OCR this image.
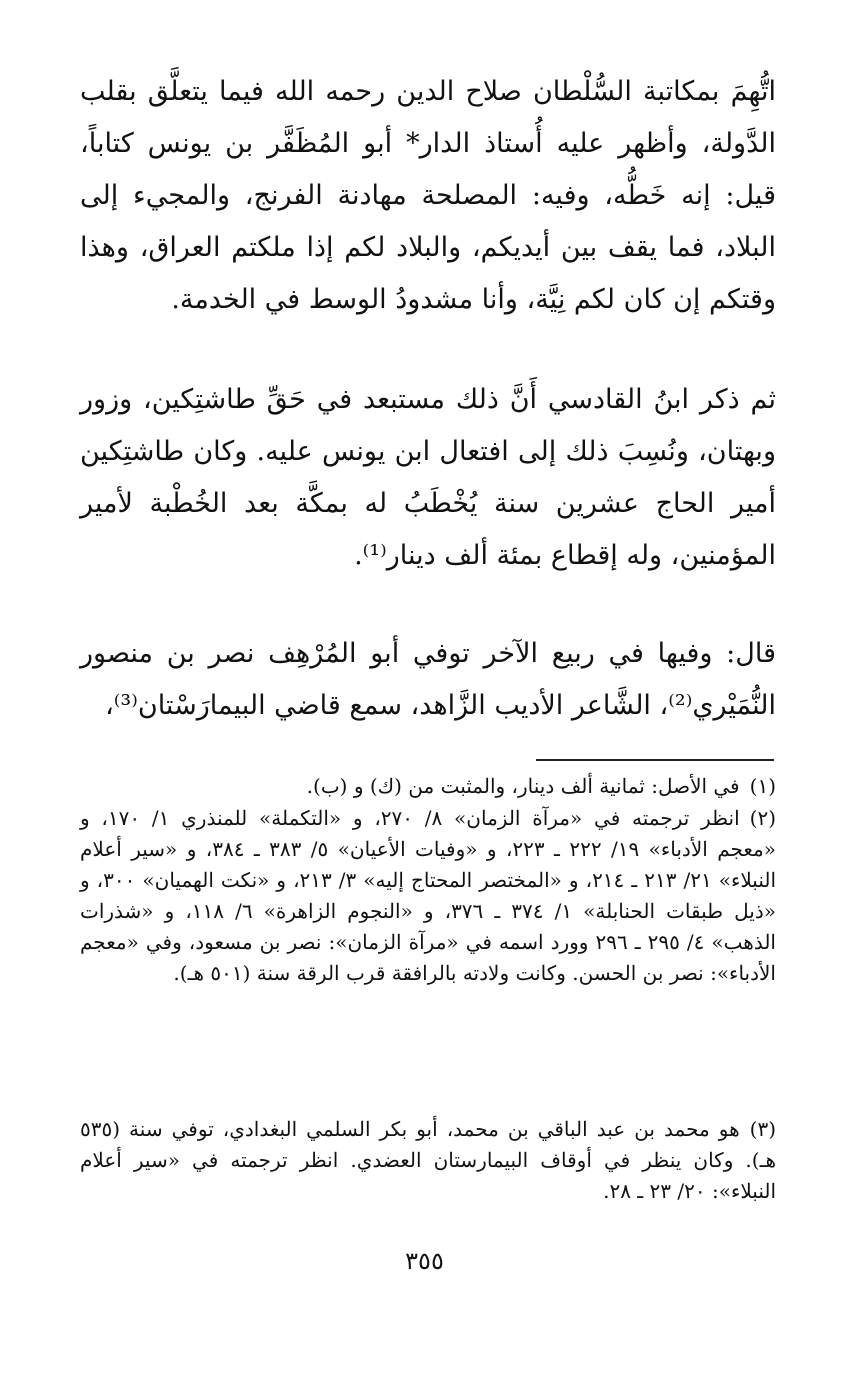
اتُّهِمَ بمكاتبة السُّلْطان صلاح الدين رحمه الله فيما يتعلَّق بقلب الدَّولة، وأظهر عليه أُستاذ الدار* أبو المُظَفَّر بن يونس كتاباً، قيل: إنه خَطُّه، وفيه: المصلحة مهادنة الفرنج، والمجيء إلى البلاد، فما يقف بين أيديكم، والبلاد لكم إذا ملكتم العراق، وهذا وقتكم إن كان لكم نِيَّة، وأنا مشدودُ الوسط في الخدمة.

ثم ذكر ابنُ القادسي أَنَّ ذلك مستبعد في حَقِّ طاشتِكين، وزور وبهتان، ونُسِبَ ذلك إلى افتعال ابن يونس عليه. وكان طاشتِكين أمير الحاج عشرين سنة يُخْطَبُ له بمكَّة بعد الخُطْبة لأمير المؤمنين، وله إقطاع بمئة ألف دينار⁽¹⁾.

قال: وفيها في ربيع الآخر توفي أبو المُرْهِف نصر بن منصور النُّمَيْري⁽²⁾، الشَّاعر الأديب الزَّاهد، سمع قاضي البيمارَسْتان⁽³⁾،

(١)في الأصل: ثمانية ألف دينار، والمثبت من (ك) و (ب).

(٢)انظر ترجمته في «مرآة الزمان» ٨/ ٢٧٠، و «التكملة» للمنذري ١/ ١٧٠، و «معجم الأدباء» ١٩/ ٢٢٢ ـ ٢٢٣، و «وفيات الأعيان» ٥/ ٣٨٣ ـ ٣٨٤، و «سير أعلام النبلاء» ٢١/ ٢١٣ ـ ٢١٤، و «المختصر المحتاج إليه» ٣/ ٢١٣، و «نكت الهميان» ٣٠٠، و «ذيل طبقات الحنابلة» ١/ ٣٧٤ ـ ٣٧٦، و «النجوم الزاهرة» ٦/ ١١٨، و «شذرات الذهب» ٤/ ٢٩٥ ـ ٢٩٦ وورد اسمه في «مرآة الزمان»: نصر بن مسعود، وفي «معجم الأدباء»: نصر بن الحسن. وكانت ولادته بالرافقة قرب الرقة سنة (٥٠١ هـ).

(٣)هو محمد بن عبد الباقي بن محمد، أبو بكر السلمي البغدادي، توفي سنة (٥٣٥ هـ). وكان ينظر في أوقاف البيمارستان العضدي. انظر ترجمته في «سير أعلام النبلاء»: ٢٠/ ٢٣ ـ ٢٨.

٣٥٥
